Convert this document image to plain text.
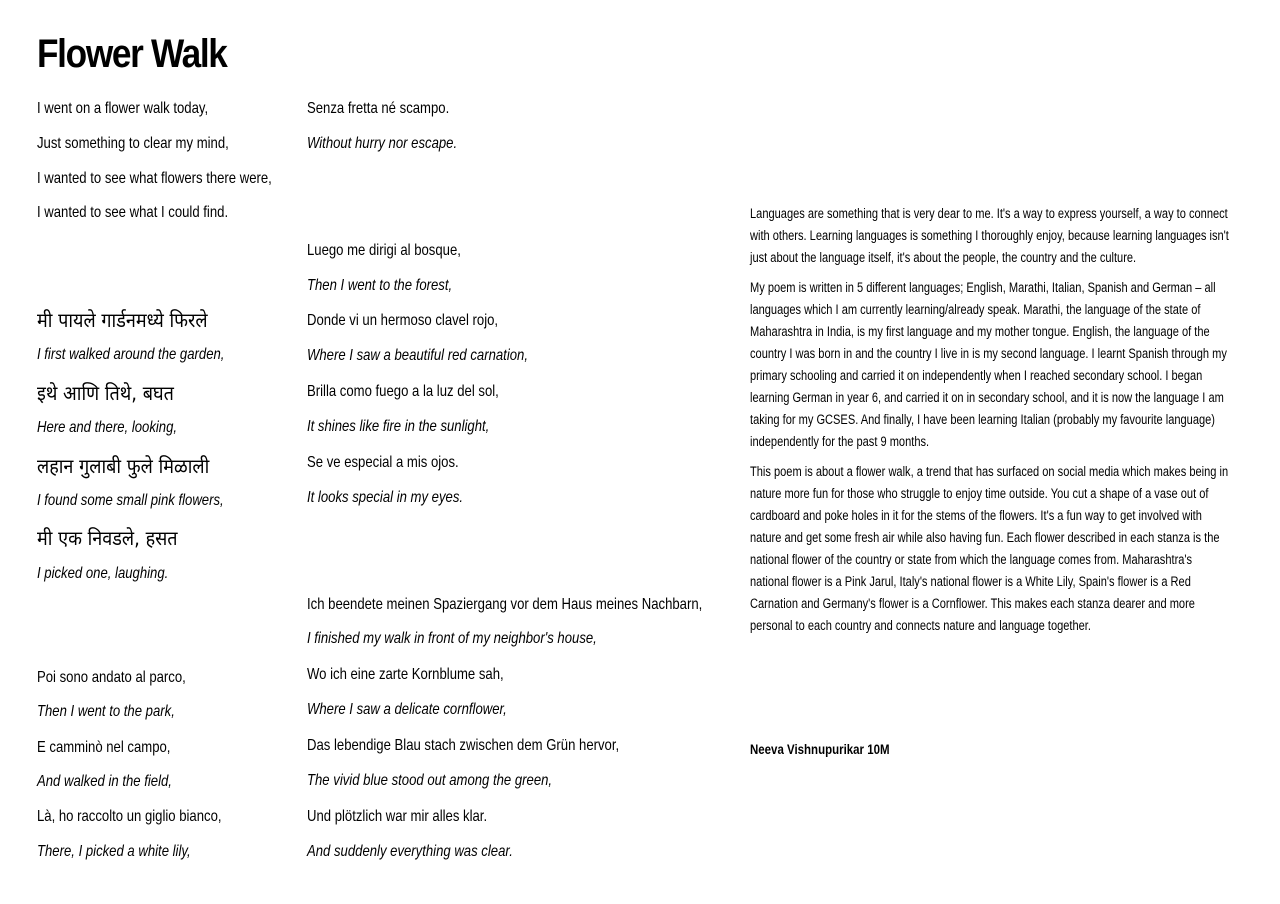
Flower Walk
I went on a flower walk today,
Just something to clear my mind,
I wanted to see what flowers there were,
I wanted to see what I could find.
मी पायले गार्डनमध्ये फिरले
I first walked around the garden,
इथे आणि तिथे, बघत
Here and there, looking,
लहान गुलाबी फुले मिळाली
I found some small pink flowers,
मी एक निवडले, हसत
I picked one, laughing.
Poi sono andato al parco,
Then I went to the park,
E camminò nel campo,
And walked in the field,
Là, ho raccolto un giglio bianco,
There, I picked a white lily,
Senza fretta né scampo.
Without hurry nor escape.
Luego me dirigi al bosque,
Then I went to the forest,
Donde vi un hermoso clavel rojo,
Where I saw a beautiful red carnation,
Brilla como fuego a la luz del sol,
It shines like fire in the sunlight,
Se ve especial a mis ojos.
It looks special in my eyes.
Ich beendete meinen Spaziergang vor dem Haus meines Nachbarn,
I finished my walk in front of my neighbor's house,
Wo ich eine zarte Kornblume sah,
Where I saw a delicate cornflower,
Das lebendige Blau stach zwischen dem Grün hervor,
The vivid blue stood out among the green,
Und plötzlich war mir alles klar.
And suddenly everything was clear.

Languages are something that is very dear to me. It's a way to express yourself, a way to connect with others. Learning languages is something I thoroughly enjoy, because learning languages isn't just about the language itself, it's about the people, the country and the culture.

My poem is written in 5 different languages; English, Marathi, Italian, Spanish and German – all languages which I am currently learning/already speak. Marathi, the language of the state of Maharashtra in India, is my first language and my mother tongue. English, the language of the country I was born in and the country I live in is my second language. I learnt Spanish through my primary schooling and carried it on independently when I reached secondary school. I began learning German in year 6, and carried it on in secondary school, and it is now the language I am taking for my GCSES. And finally, I have been learning Italian (probably my favourite language) independently for the past 9 months.

This poem is about a flower walk, a trend that has surfaced on social media which makes being in nature more fun for those who struggle to enjoy time outside. You cut a shape of a vase out of cardboard and poke holes in it for the stems of the flowers. It's a fun way to get involved with nature and get some fresh air while also having fun. Each flower described in each stanza is the national flower of the country or state from which the language comes from. Maharashtra's national flower is a Pink Jarul, Italy's national flower is a White Lily, Spain's flower is a Red Carnation and Germany's flower is a Cornflower. This makes each stanza dearer and more personal to each country and connects nature and language together.

Neeva Vishnupurikar 10M
